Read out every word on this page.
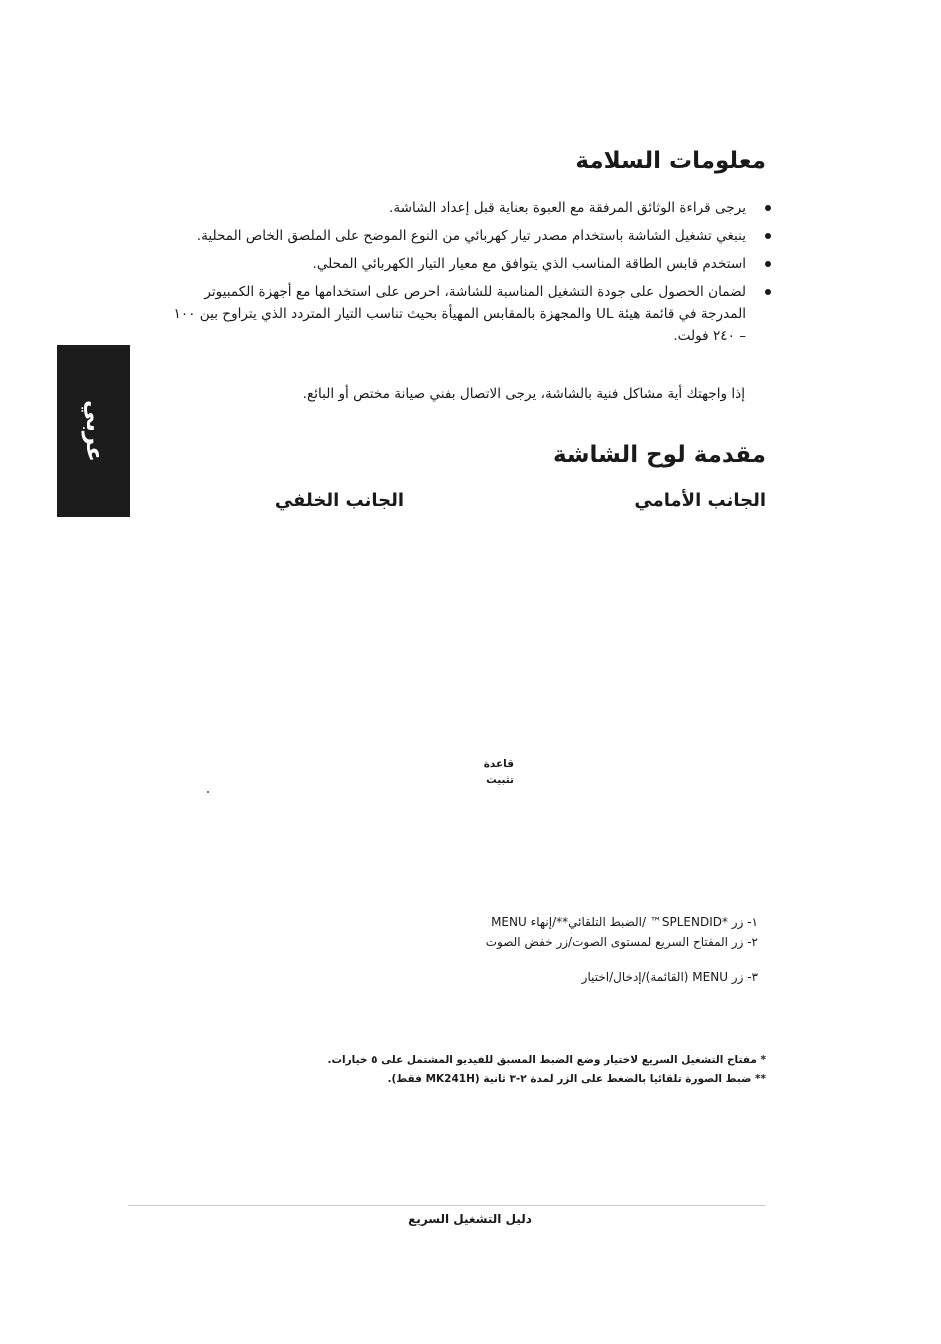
عربي
معلومات السلامة
يرجى قراءة الوثائق المرفقة مع العبوة بعناية قبل إعداد الشاشة.
ينبغي تشغيل الشاشة باستخدام مصدر تيار كهربائي من النوع الموضح على الملصق الخاص المحلية.
استخدم قابس الطاقة المناسب الذي يتوافق مع معيار التيار الكهربائي المحلي.
لضمان الحصول على جودة التشغيل المناسبة للشاشة، احرص على استخدامها مع أجهزة الكمبيوتر المدرجة في قائمة هيئة UL والمجهزة بالمقابس المهيأة بحيث تناسب التيار المتردد الذي يتراوح بين ١٠٠ – ٢٤٠ فولت.
إذا واجهتك أية مشاكل فنية بالشاشة، يرجى الاتصال بفني صيانة مختص أو البائع.
مقدمة لوح الشاشة
الجانب الأمامي
الجانب الخلفي
قاعدة
تثبيت
١- زر *SPLENDID™ /الضبط التلقائي**/إنهاء MENU
٢- زر المفتاح السريع لمستوى الصوت/زر خفض الصوت
٣- زر MENU (القائمة)/إدخال/اختيار
* مفتاح التشغيل السريع لاختيار وضع الضبط المسبق للفيديو المشتمل على ٥ خيارات.
** ضبط الصورة تلقائيا بالضغط على الزر لمدة ٢-٣ ثانية (MK241H فقط).
دليل التشغيل السريع
